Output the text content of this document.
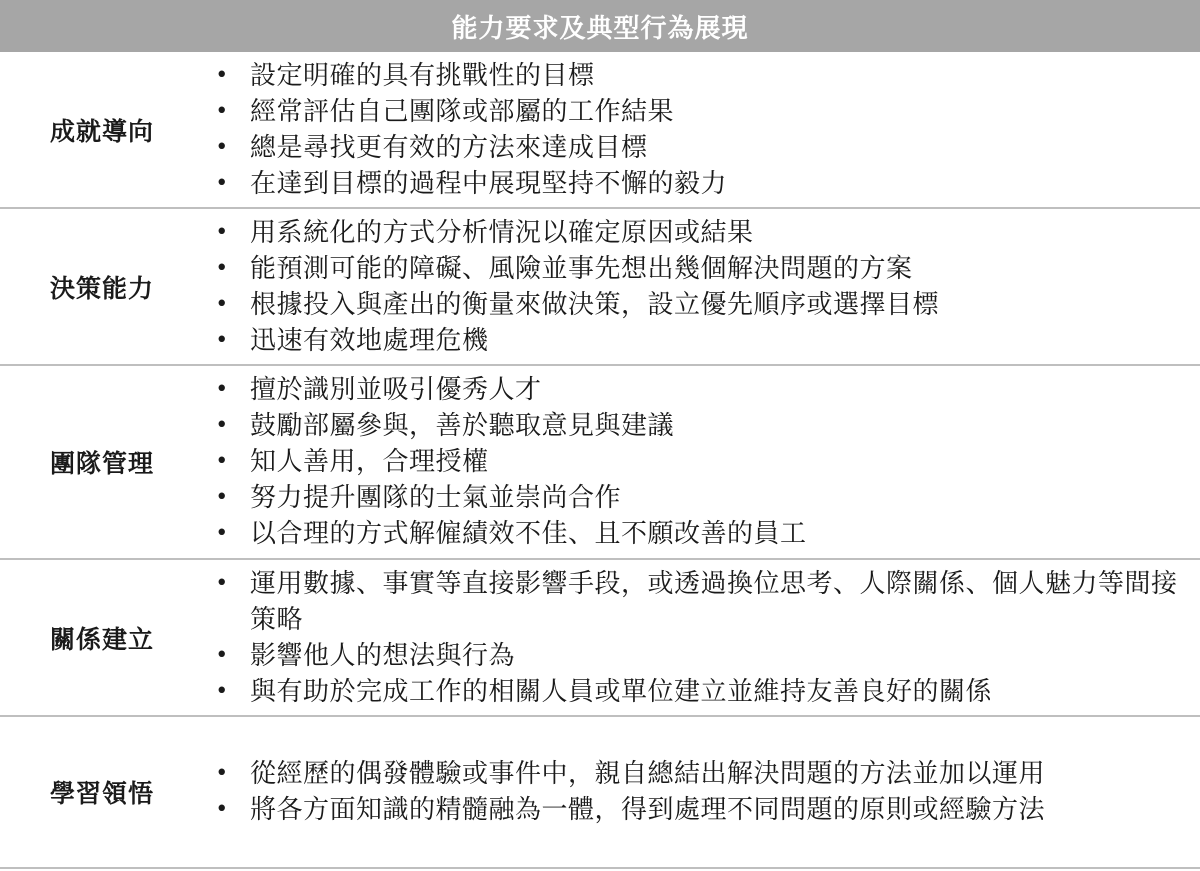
能力要求及典型行為展現
成就導向
• 設定明確的具有挑戰性的目標
• 經常評估自己團隊或部屬的工作結果
• 總是尋找更有效的方法來達成目標
• 在達到目標的過程中展現堅持不懈的毅力
決策能力
• 用系統化的方式分析情況以確定原因或結果
• 能預測可能的障礙、風險並事先想出幾個解決問題的方案
• 根據投入與產出的衡量來做決策，設立優先順序或選擇目標
• 迅速有效地處理危機
團隊管理
• 擅於識別並吸引優秀人才
• 鼓勵部屬參與，善於聽取意見與建議
• 知人善用，合理授權
• 努力提升團隊的士氣並崇尚合作
• 以合理的方式解僱績效不佳、且不願改善的員工
關係建立
• 運用數據、事實等直接影響手段，或透過換位思考、人際關係、個人魅力等間接策略
• 影響他人的想法與行為
• 與有助於完成工作的相關人員或單位建立並維持友善良好的關係
學習領悟
• 從經歷的偶發體驗或事件中，親自總結出解決問題的方法並加以運用
• 將各方面知識的精髓融為一體，得到處理不同問題的原則或經驗方法
